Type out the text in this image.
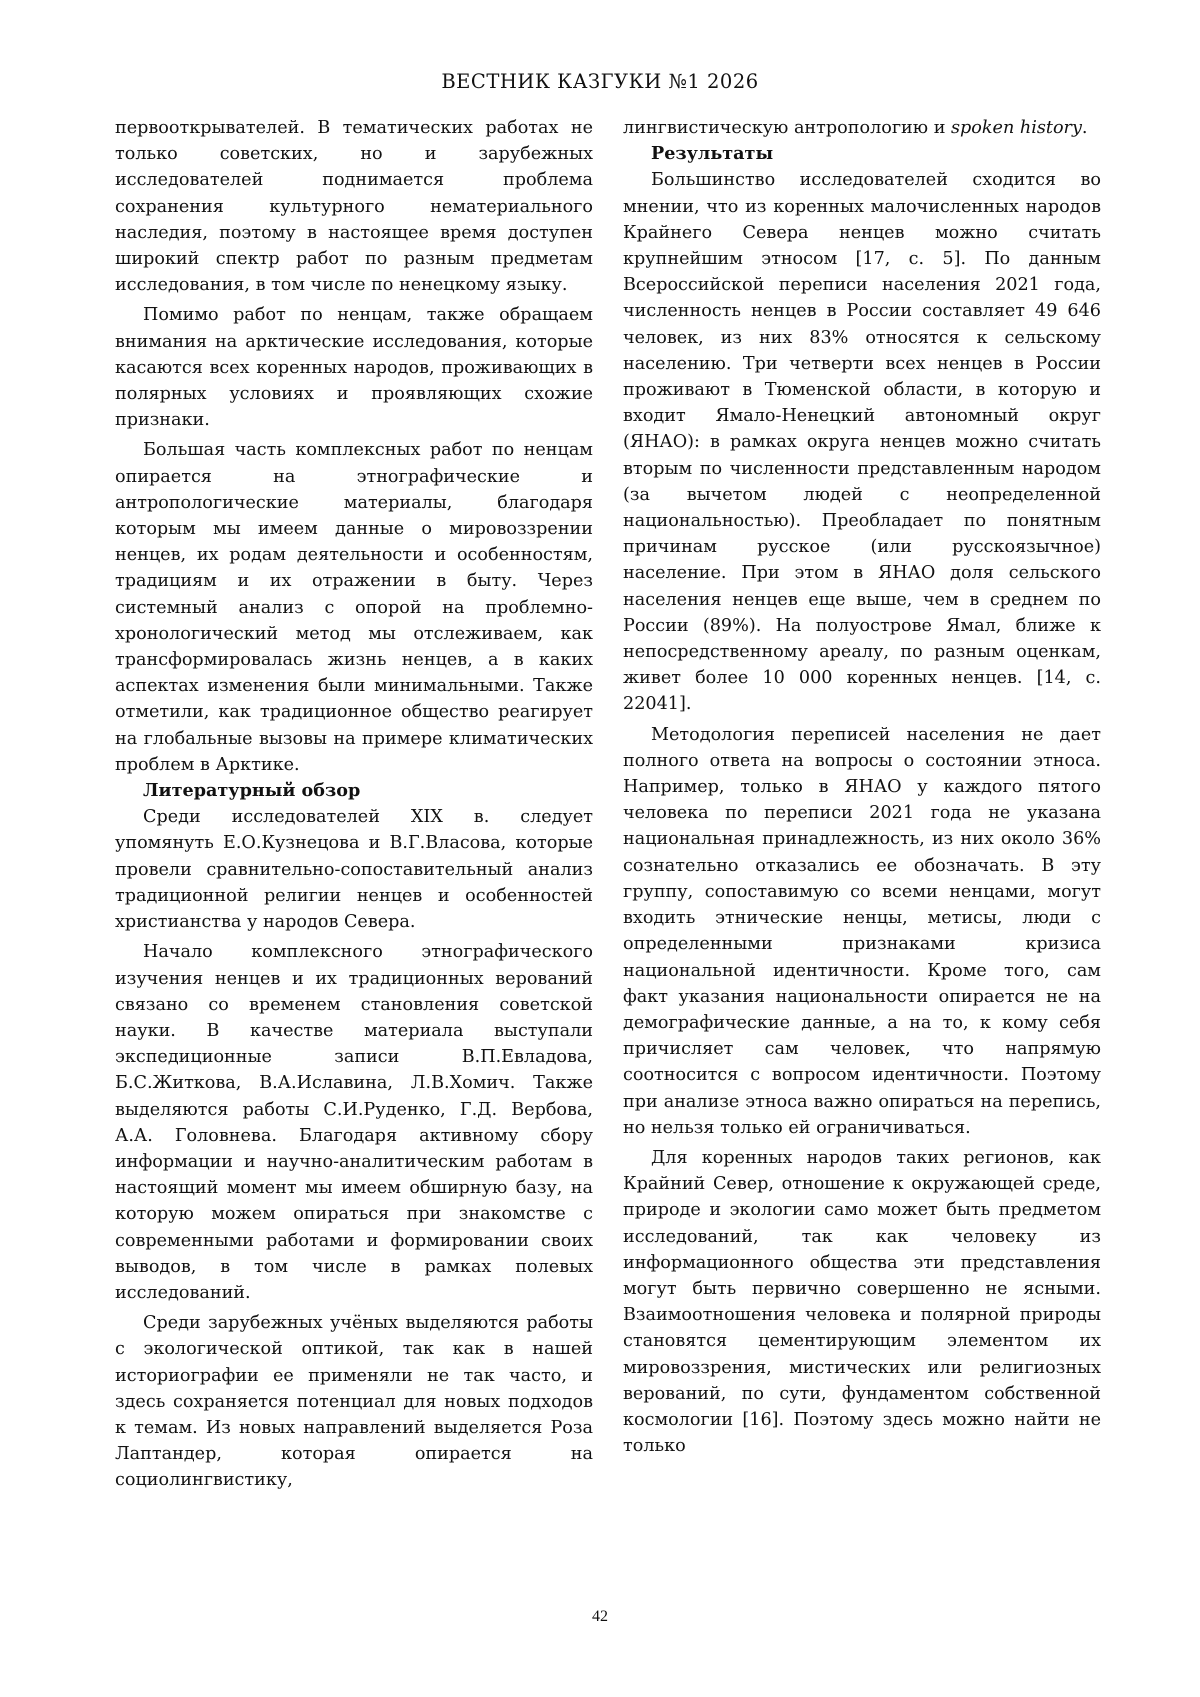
ВЕСТНИК КАЗГУКИ №1 2026

первооткрывателей. В тематических работах не только советских, но и зарубежных исследователей поднимается проблема сохранения культурного нематериального наследия, поэтому в настоящее время доступен широкий спектр работ по разным предметам исследования, в том числе по ненецкому языку.

Помимо работ по ненцам, также обращаем внимания на арктические исследования, которые касаются всех коренных народов, проживающих в полярных условиях и проявляющих схожие признаки.

Большая часть комплексных работ по ненцам опирается на этнографические и антропологические материалы, благодаря которым мы имеем данные о мировоззрении ненцев, их родам деятельности и особенностям, традициям и их отражении в быту. Через системный анализ с опорой на проблемно-хронологический метод мы отслеживаем, как трансформировалась жизнь ненцев, а в каких аспектах изменения были минимальными. Также отметили, как традиционное общество реагирует на глобальные вызовы на примере климатических проблем в Арктике.

Литературный обзор

Среди исследователей XIX в. следует упомянуть Е.О.Кузнецова и В.Г.Власова, которые провели сравнительно-сопоставительный анализ традиционной религии ненцев и особенностей христианства у народов Севера.

Начало комплексного этнографического изучения ненцев и их традиционных верований связано со временем становления советской науки. В качестве материала выступали экспедиционные записи В.П.Евладова, Б.С.Житкова, В.А.Иславина, Л.В.Хомич. Также выделяются работы С.И.Руденко, Г.Д. Вербова, А.А. Головнева. Благодаря активному сбору информации и научно-аналитическим работам в настоящий момент мы имеем обширную базу, на которую можем опираться при знакомстве с современными работами и формировании своих выводов, в том числе в рамках полевых исследований.

Среди зарубежных учёных выделяются работы с экологической оптикой, так как в нашей историографии ее применяли не так часто, и здесь сохраняется потенциал для новых подходов к темам. Из новых направлений выделяется Роза Лаптандер, которая опирается на социолингвистику,

лингвистическую антропологию и spoken history.

Результаты

Большинство исследователей сходится во мнении, что из коренных малочисленных народов Крайнего Севера ненцев можно считать крупнейшим этносом [17, с. 5]. По данным Всероссийской переписи населения 2021 года, численность ненцев в России составляет 49 646 человек, из них 83% относятся к сельскому населению. Три четверти всех ненцев в России проживают в Тюменской области, в которую и входит Ямало-Ненецкий автономный округ (ЯНАО): в рамках округа ненцев можно считать вторым по численности представленным народом (за вычетом людей с неопределенной национальностью). Преобладает по понятным причинам русское (или русскоязычное) население. При этом в ЯНАО доля сельского населения ненцев еще выше, чем в среднем по России (89%). На полуострове Ямал, ближе к непосредственному ареалу, по разным оценкам, живет более 10 000 коренных ненцев. [14, с. 22041].

Методология переписей населения не дает полного ответа на вопросы о состоянии этноса. Например, только в ЯНАО у каждого пятого человека по переписи 2021 года не указана национальная принадлежность, из них около 36% сознательно отказались ее обозначать. В эту группу, сопоставимую со всеми ненцами, могут входить этнические ненцы, метисы, люди с определенными признаками кризиса национальной идентичности. Кроме того, сам факт указания национальности опирается не на демографические данные, а на то, к кому себя причисляет сам человек, что напрямую соотносится с вопросом идентичности. Поэтому при анализе этноса важно опираться на перепись, но нельзя только ей ограничиваться.

Для коренных народов таких регионов, как Крайний Север, отношение к окружающей среде, природе и экологии само может быть предметом исследований, так как человеку из информационного общества эти представления могут быть первично совершенно не ясными. Взаимоотношения человека и полярной природы становятся цементирующим элементом их мировоззрения, мистических или религиозных верований, по сути, фундаментом собственной космологии [16]. Поэтому здесь можно найти не только

42
